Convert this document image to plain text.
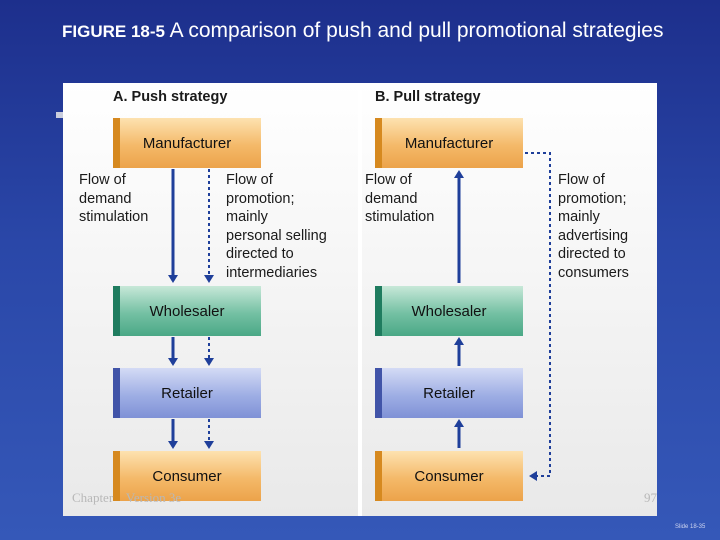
FIGURE 18-5 A comparison of push and pull promotional strategies
A. Push strategy	B. Pull strategy
Manufacturer
Wholesaler
Retailer
Consumer
Manufacturer
Wholesaler
Retailer
Consumer
Flow of
demand
stimulation
Flow of
promotion;
mainly
personal selling
directed to
intermediaries
Flow of
demand
stimulation
Flow of
promotion;
mainly
advertising
directed to
consumers
Chapter    Version 3e	97
Slide 18-35
